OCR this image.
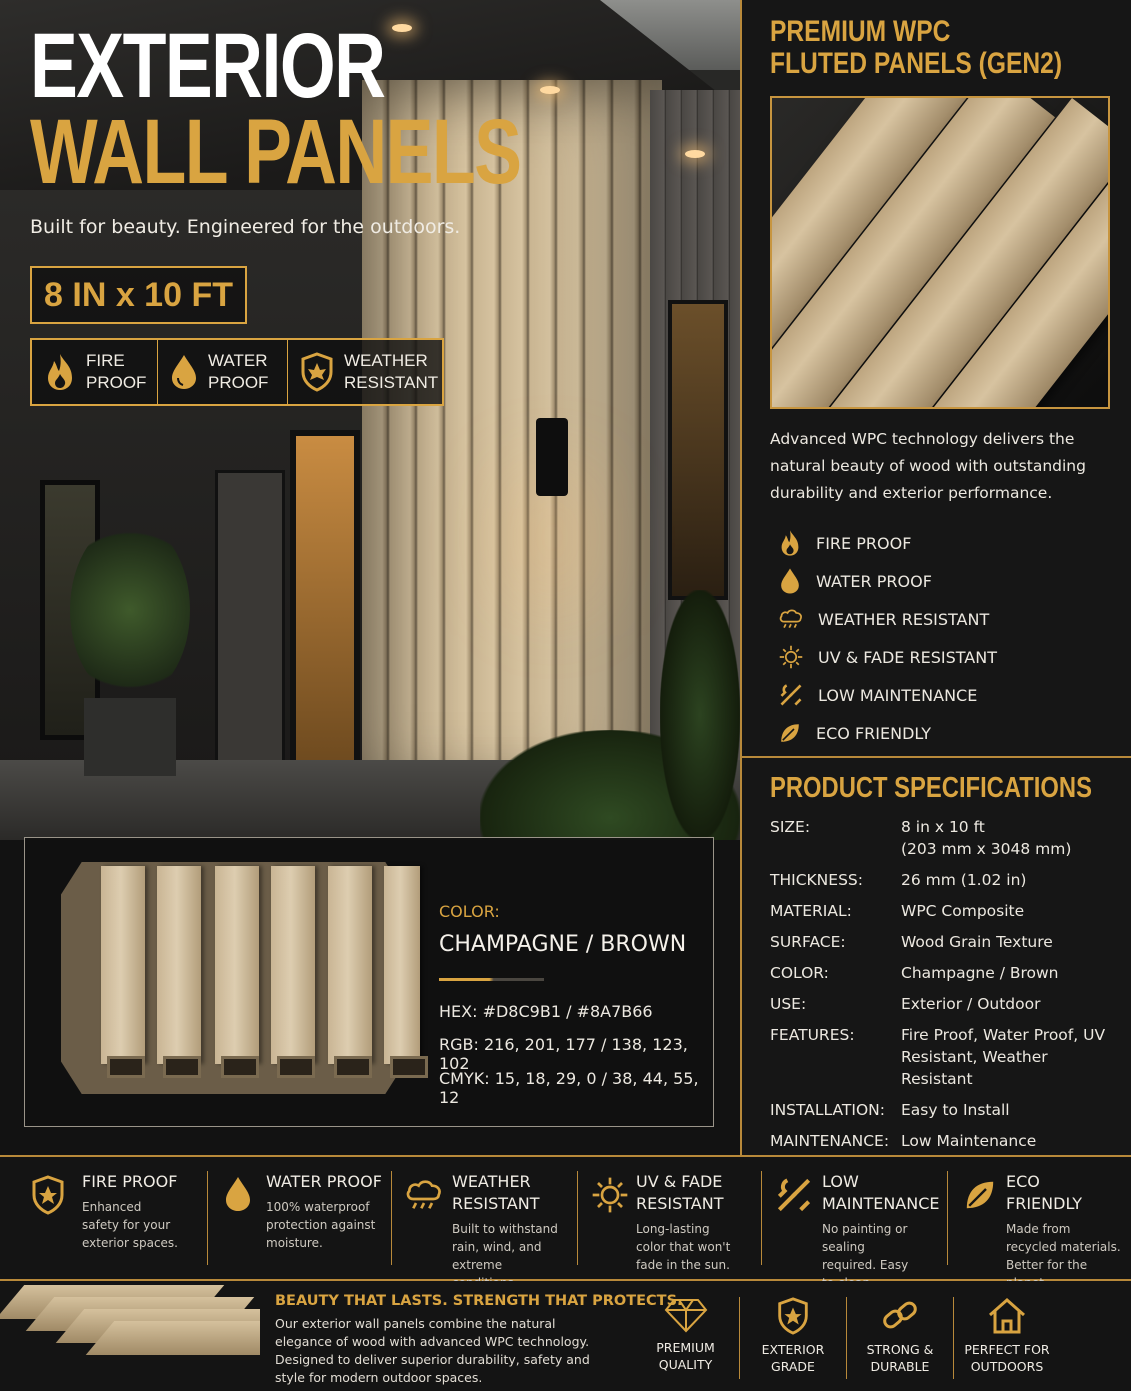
EXTERIOR
WALL PANELS
Built for beauty. Engineered for the outdoors.
8 IN x 10 FT
FIRE
PROOF
WATER
PROOF
WEATHER
RESISTANT
COLOR:
CHAMPAGNE / BROWN
HEX: #D8C9B1 / #8A7B66
RGB: 216, 201, 177 / 138, 123, 102
CMYK: 15, 18, 29, 0 / 38, 44, 55, 12
PREMIUM WPC
FLUTED PANELS (GEN2)
Advanced WPC technology delivers the natural beauty of wood with outstanding durability and exterior performance.
FIRE PROOF
WATER PROOF
WEATHER RESISTANT
UV & FADE RESISTANT
LOW MAINTENANCE
ECO FRIENDLY
PRODUCT SPECIFICATIONS
SIZE:	8 in x 10 ft
(203 mm x 3048 mm)
THICKNESS:	26 mm (1.02 in)
MATERIAL:	WPC Composite
SURFACE:	Wood Grain Texture
COLOR:	Champagne / Brown
USE:	Exterior / Outdoor
FEATURES:	Fire Proof, Water Proof, UV Resistant, Weather Resistant
INSTALLATION:	Easy to Install
MAINTENANCE: Low Maintenance
FIRE PROOF
Enhanced safety for your exterior spaces.
WATER PROOF
100% waterproof protection against moisture.
WEATHER RESISTANT
Built to withstand rain, wind, and extreme
UV & FADE RESISTANT
Long-lasting color that won't fade in the sun.
LOW MAINTENANCE
No painting or sealing required. Easy
ECO FRIENDLY
Made from recycled materials. Better for the
BEAUTY THAT LASTS. STRENGTH THAT PROTECTS.
Our exterior wall panels combine the natural elegance of wood with advanced WPC technology. Designed to deliver superior durability, safety and style for modern outdoor spaces.
PREMIUM
QUALITY
EXTERIOR
GRADE
STRONG &
DURABLE
PERFECT FOR
OUTDOORS
